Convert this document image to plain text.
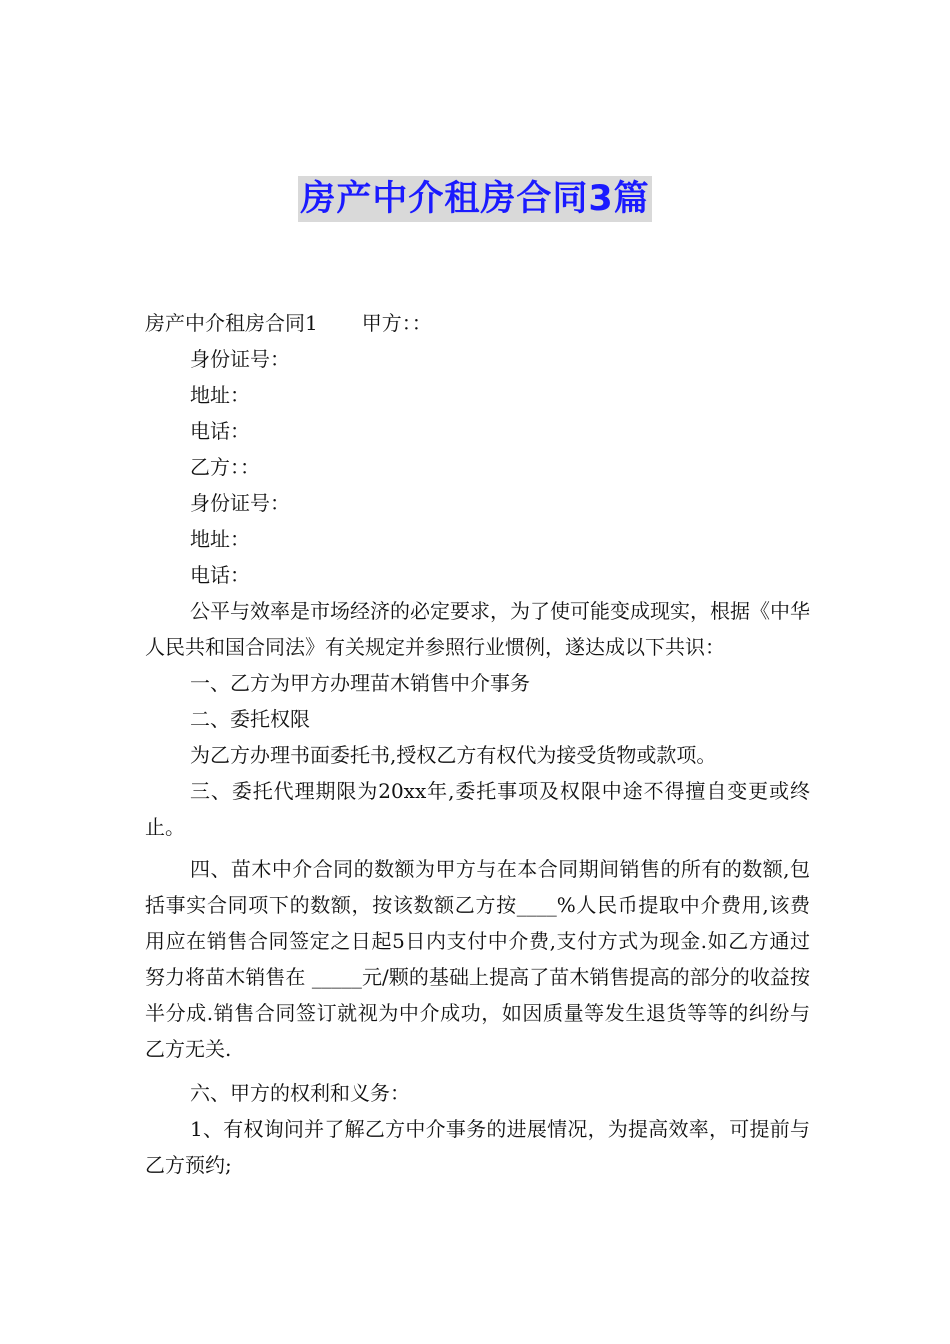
房产中介租房合同3篇

房产中介租房合同1 甲方：：

身份证号：

地址：

电话：

乙方：：

身份证号：

地址：

电话：

公平与效率是市场经济的必定要求，为了使可能变成现实，根据《中华人民共和国合同法》有关规定并参照行业惯例，遂达成以下共识：

一、乙方为甲方办理苗木销售中介事务

二、委托权限

为乙方办理书面委托书,授权乙方有权代为接受货物或款项。

三、委托代理期限为20xx年,委托事项及权限中途不得擅自变更或终止。

四、苗木中介合同的数额为甲方与在本合同期间销售的所有的数额,包括事实合同项下的数额，按该数额乙方按____%人民币提取中介费用,该费用应在销售合同签定之日起5日内支付中介费,支付方式为现金.如乙方通过努力将苗木销售在 _____元/颗的基础上提高了苗木销售提高的部分的收益按半分成.销售合同签订就视为中介成功，如因质量等发生退货等等的纠纷与乙方无关.

六、甲方的权利和义务：

1、有权询问并了解乙方中介事务的进展情况，为提高效率，可提前与乙方预约;
